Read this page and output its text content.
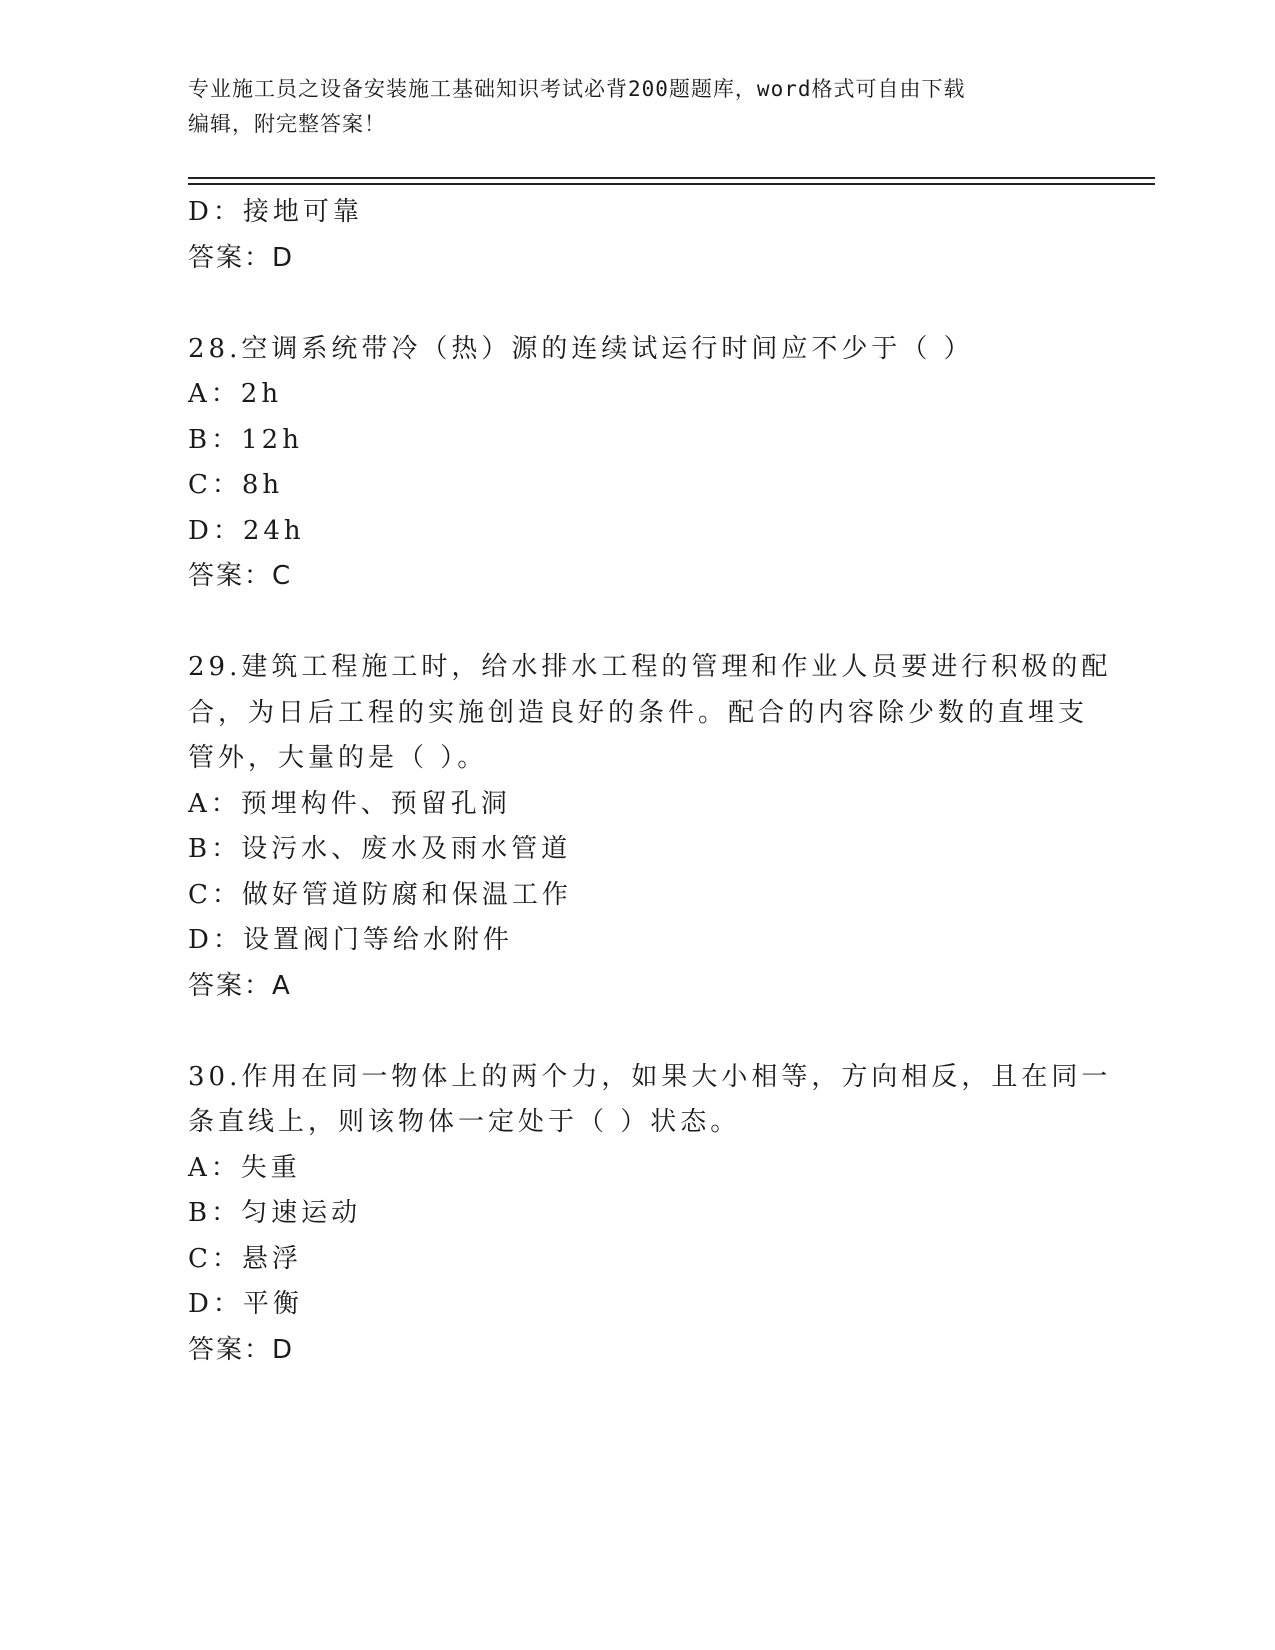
专业施工员之设备安装施工基础知识考试必背200题题库，word格式可自由下载
编辑，附完整答案！
D：接地可靠
答案：D
28.空调系统带冷（热）源的连续试运行时间应不少于（ ）
A：2h
B：12h
C：8h
D：24h
答案：C
29.建筑工程施工时，给水排水工程的管理和作业人员要进行积极的配
合，为日后工程的实施创造良好的条件。配合的内容除少数的直埋支
管外，大量的是（ ）。
A：预埋构件、预留孔洞
B：设污水、废水及雨水管道
C：做好管道防腐和保温工作
D：设置阀门等给水附件
答案：A
30.作用在同一物体上的两个力，如果大小相等，方向相反，且在同一
条直线上，则该物体一定处于（ ）状态。
A：失重
B：匀速运动
C：悬浮
D：平衡
答案：D
